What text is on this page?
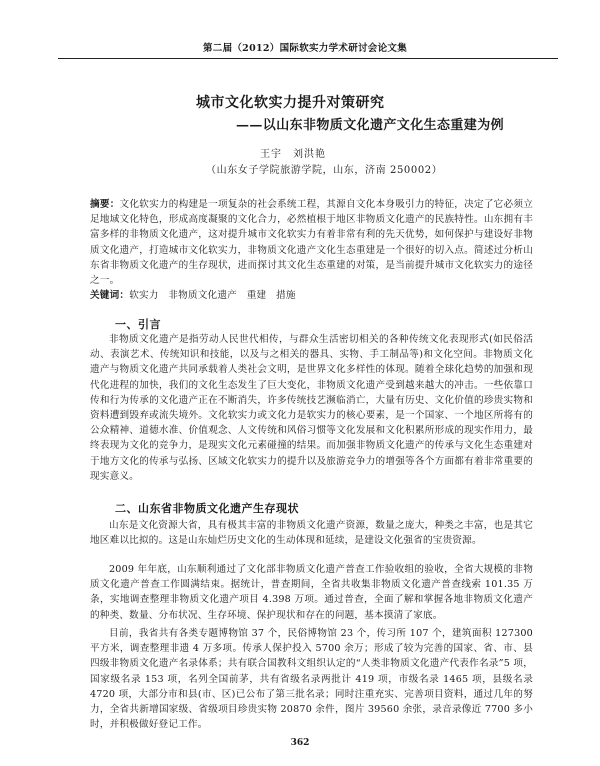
第二届（2012）国际软实力学术研讨会论文集
城市文化软实力提升对策研究
——以山东非物质文化遗产文化生态重建为例
王宇　刘洪艳
（山东女子学院旅游学院，山东，济南 250002）
摘要：文化软实力的构建是一项复杂的社会系统工程，其源自文化本身吸引力的特征，决定了它必须立足地域文化特色，形成高度凝聚的文化合力，必然植根于地区非物质文化遗产的民族特性。山东拥有丰富多样的非物质文化遗产，这对提升城市文化软实力有着非常有利的先天优势，如何保护与建设好非物质文化遗产，打造城市文化软实力，非物质文化遗产文化生态重建是一个很好的切入点。简述过分析山东省非物质文化遗产的生存现状，进而探讨其文化生态重建的对策，是当前提升城市文化软实力的途径之一。
关键词：软实力　非物质文化遗产　重建　措施
一、引言
非物质文化遗产是指劳动人民世代相传，与群众生活密切相关的各种传统文化表现形式(如民俗活动、表演艺术、传统知识和技能，以及与之相关的器具、实物、手工制品等)和文化空间。非物质文化遗产与物质文化遗产共同承载着人类社会文明，是世界文化多样性的体现。随着全球化趋势的加强和现代化进程的加快，我们的文化生态发生了巨大变化，非物质文化遗产受到越来越大的冲击。一些依靠口传和行为传承的文化遗产正在不断消失，许多传统技艺濒临消亡，大量有历史、文化价值的珍贵实物和资料遭到毁弃或流失境外。文化软实力或文化力是软实力的核心要素，是一个国家、一个地区所将有的公众精神、道德水准、价值观念、人文传统和风俗习惯等文化发展和文化积累所形成的现实作用力，最终表现为文化的竞争力，是现实文化元素碰撞的结果。而加强非物质文化遗产的传承与文化生态重建对于地方文化的传承与弘扬、区域文化软实力的提升以及旅游竞争力的增强等各个方面都有着非常重要的现实意义。
二、山东省非物质文化遗产生存现状
山东是文化资源大省，具有极其丰富的非物质文化遗产资源，数量之庞大，种类之丰富，也是其它地区难以比拟的。这是山东灿烂历史文化的生动体现和延续，是建设文化强省的宝贵资源。
2009 年年底，山东顺利通过了文化部非物质文化遗产普查工作验收组的验收，全省大规模的非物质文化遗产普查工作圆满结束。据统计，普查期间，全省共收集非物质文化遗产普查线索 101.35 万条，实地调查整理非物质文化遗产项目 4.398 万项。通过普查，全面了解和掌握各地非物质文化遗产的种类、数量、分布状况、生存环境、保护现状和存在的问题，基本摸清了家底。
目前，我省共有各类专题博物馆 37 个，民俗博物馆 23 个，传习所 107 个，建筑面积 127300 平方米，调查整理非遗 4 万多项。传承人保护投入 5700 余万；形成了较为完善的国家、省、市、县四级非物质文化遗产名录体系；共有联合国教科文组织认定的“人类非物质文化遗产代表作名录”5 项，国家级名录 153 项，名列全国前茅，共有省级名录两批计 419 项，市级名录 1465 项，县级名录 4720 项，大部分市和县(市、区)已公布了第三批名录；同时注重充实、完善项目资料，通过几年的努力，全省共新增国家级、省级项目珍贵实物 20870 余件，图片 39560 余张，录音录像近 7700 多小时，并积极做好登记工作。
362
